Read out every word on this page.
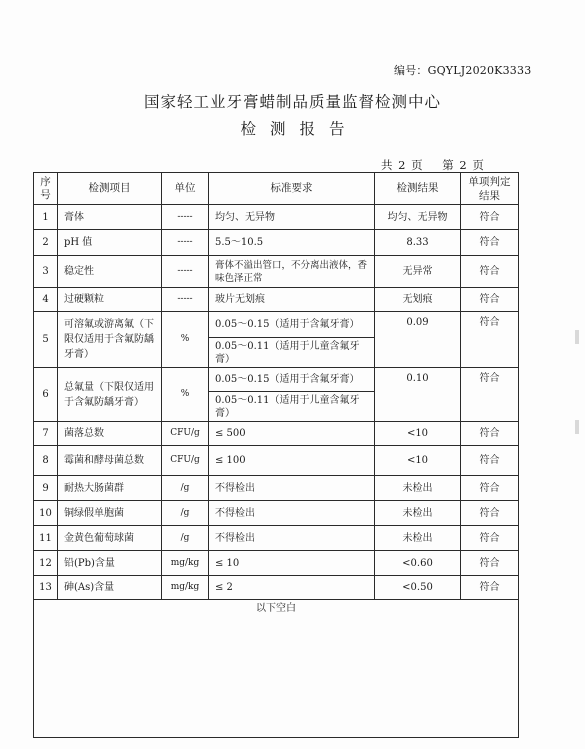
编号：GQYLJ2020K3333
国家轻工业牙膏蜡制品质量监督检测中心
检测报告
共 2 页    第 2 页
序号	检测项目	单位	标准要求	检测结果	单项判定结果
1	膏体	-----	均匀、无异物	均匀、无异物	符合
2	pH 值	-----	5.5～10.5	8.33	符合
3	稳定性	-----	膏体不溢出管口，不分离出液体，香味色泽正常	无异常	符合
4	过硬颗粒	-----	玻片无划痕	无划痕	符合
5	可溶氟或游离氟（下限仅适用于含氟防龋牙膏）	%	0.05～0.15（适用于含氟牙膏）	0.09	符合
			0.05～0.11（适用于儿童含氟牙膏）		
6	总氟量（下限仅适用于含氟防龋牙膏）	%	0.05～0.15（适用于含氟牙膏）	0.10	符合
			0.05～0.11（适用于儿童含氟牙膏）		
7	菌落总数	CFU/g	≤ 500	<10	符合
8	霉菌和酵母菌总数	CFU/g	≤ 100	<10	符合
9	耐热大肠菌群	/g	不得检出	未检出	符合
10	铜绿假单胞菌	/g	不得检出	未检出	符合
11	金黄色葡萄球菌	/g	不得检出	未检出	符合
12	铅(Pb)含量	mg/kg	≤ 10	<0.60	符合
13	砷(As)含量	mg/kg	≤ 2	<0.50	符合
以下空白					
